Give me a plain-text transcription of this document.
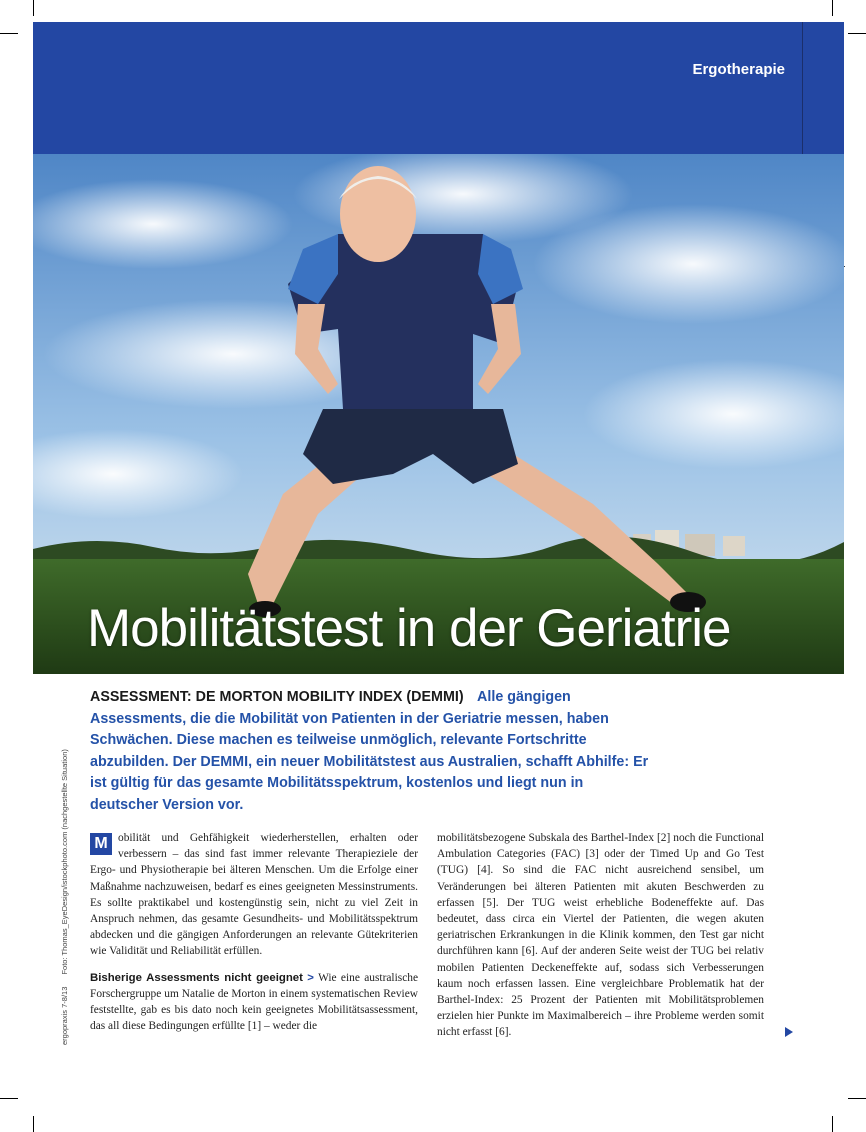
Ergotherapie
Mobilitätstest in der Geriatrie
ergopraxis 7-8/13 Foto: Thomas_EyeDesign/istockphoto.com (nachgestellte Situation)
ASSESSMENT: DE MORTON MOBILITY INDEX (DEMMI) Alle gängigen Assessments, die die Mobilität von Patienten in der Geriatrie messen, haben Schwächen. Diese machen es teilweise unmöglich, relevante Fortschritte abzubilden. Der DEMMI, ein neuer Mobilitätstest aus Australien, schafft Abhilfe: Er ist gültig für das gesamte Mobilitätsspektrum, kostenlos und liegt nun in deutscher Version vor.

M obilität und Gehfähigkeit wiederherstellen, erhalten oder verbessern – das sind fast immer relevante Therapieziele der Ergo- und Physiotherapie bei älteren Menschen. Um die Erfolge einer Maßnahme nachzuweisen, bedarf es eines geeigneten Messinstruments. Es sollte praktikabel und kostengünstig sein, nicht zu viel Zeit in Anspruch nehmen, das gesamte Gesundheits- und Mobilitätsspektrum abdecken und die gängigen Anforderungen an relevante Gütekriterien wie Validität und Reliabilität erfüllen.

Bisherige Assessments nicht geeignet > Wie eine australische Forschergruppe um Natalie de Morton in einem systematischen Review feststellte, gab es bis dato noch kein geeignetes Mobilitätsassessment, das all diese Bedingungen erfüllte [1] – weder die

mobilitätsbezogene Subskala des Barthel-Index [2] noch die Functional Ambulation Categories (FAC) [3] oder der Timed Up and Go Test (TUG) [4]. So sind die FAC nicht ausreichend sensibel, um Veränderungen bei älteren Patienten mit akuten Beschwerden zu erfassen [5]. Der TUG weist erhebliche Bodeneffekte auf. Das bedeutet, dass circa ein Viertel der Patienten, die wegen akuten geriatrischen Erkrankungen in die Klinik kommen, den Test gar nicht durchführen kann [6]. Auf der anderen Seite weist der TUG bei relativ mobilen Patienten Deckeneffekte auf, sodass sich Verbesserungen kaum noch erfassen lassen. Eine vergleichbare Problematik hat der Barthel-Index: 25 Prozent der Patienten mit Mobilitätsproblemen erzielen hier Punkte im Maximalbereich – ihre Probleme werden somit nicht erfasst [6].
